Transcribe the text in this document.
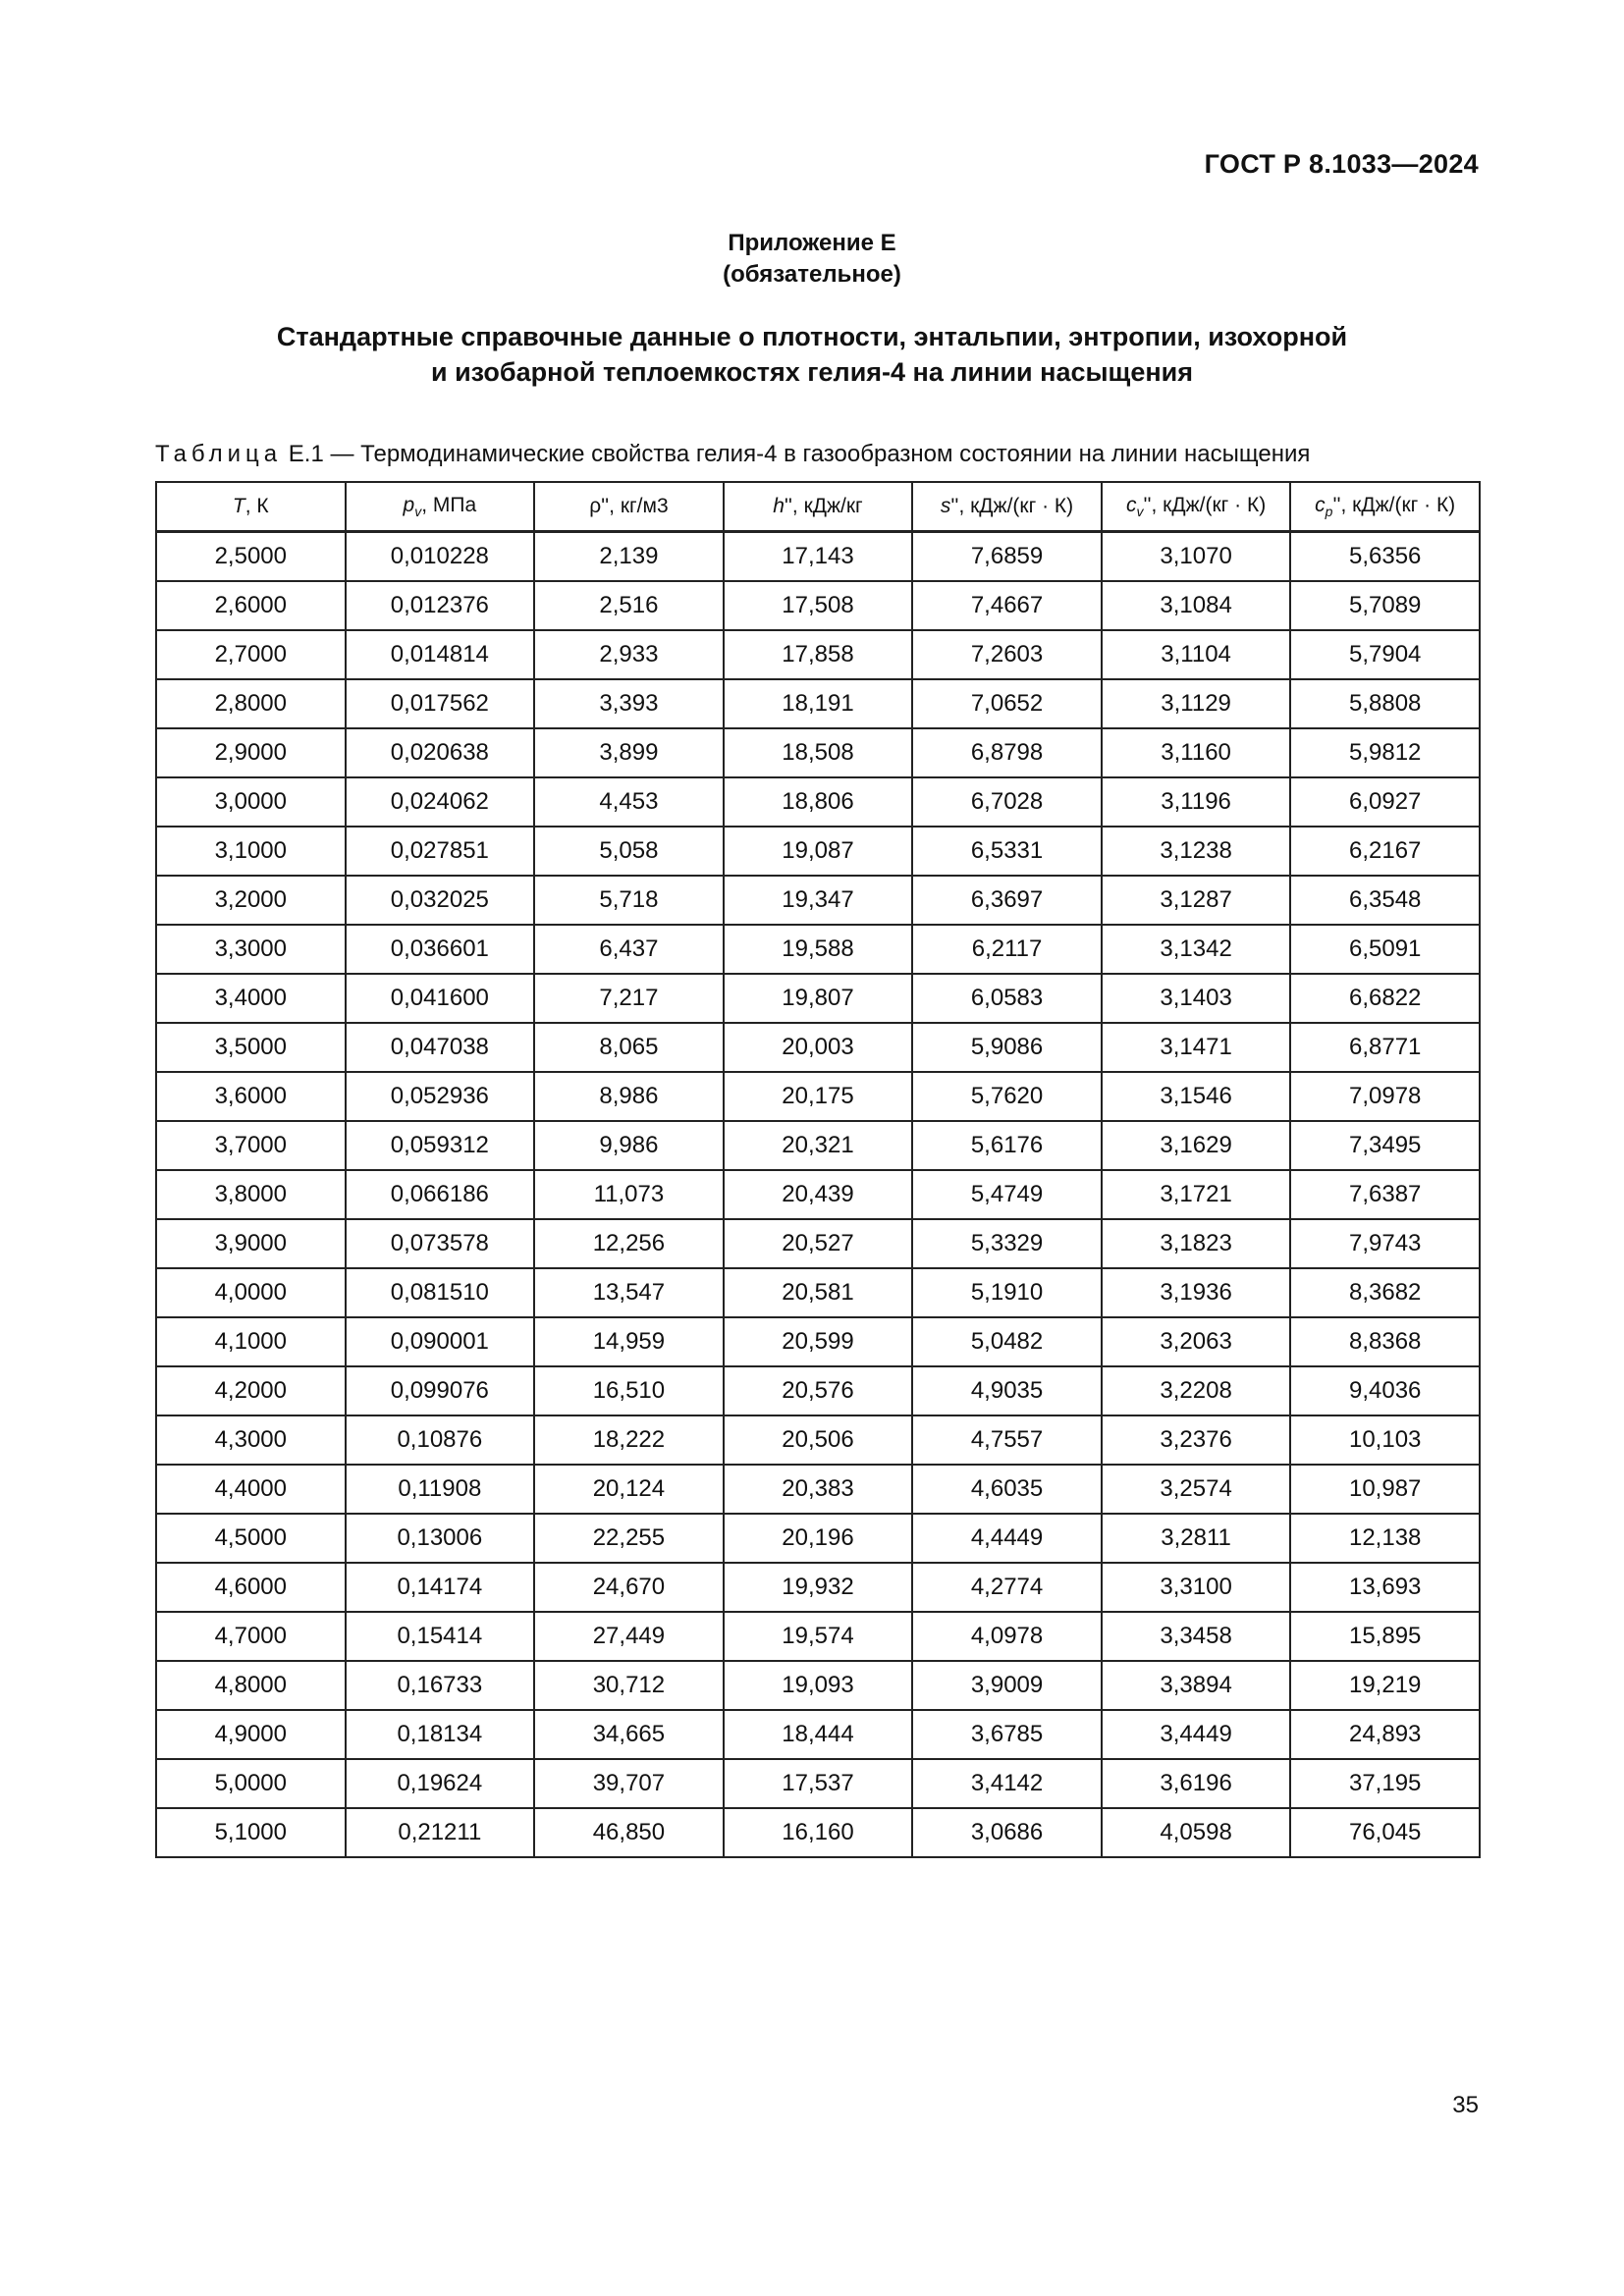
ГОСТ Р 8.1033—2024
Приложение Е
(обязательное)
Стандартные справочные данные о плотности, энтальпии, энтропии, изохорной
и изобарной теплоемкостях гелия-4 на линии насыщения
Таблица Е.1 — Термодинамические свойства гелия-4 в газообразном состоянии на линии насыщения
T, К	$p_v$, МПа	ρ'', кг/м3	h'', кДж/кг	s'', кДж/(кг · К)	$c_v''$, кДж/(кг · К)	$c_p''$, кДж/(кг · К)
2,5000	0,010228	2,139	17,143	7,6859	3,1070	5,6356
2,6000	0,012376	2,516	17,508	7,4667	3,1084	5,7089
2,7000	0,014814	2,933	17,858	7,2603	3,1104	5,7904
2,8000	0,017562	3,393	18,191	7,0652	3,1129	5,8808
2,9000	0,020638	3,899	18,508	6,8798	3,1160	5,9812
3,0000	0,024062	4,453	18,806	6,7028	3,1196	6,0927
3,1000	0,027851	5,058	19,087	6,5331	3,1238	6,2167
3,2000	0,032025	5,718	19,347	6,3697	3,1287	6,3548
3,3000	0,036601	6,437	19,588	6,2117	3,1342	6,5091
3,4000	0,041600	7,217	19,807	6,0583	3,1403	6,6822
3,5000	0,047038	8,065	20,003	5,9086	3,1471	6,8771
3,6000	0,052936	8,986	20,175	5,7620	3,1546	7,0978
3,7000	0,059312	9,986	20,321	5,6176	3,1629	7,3495
3,8000	0,066186	11,073	20,439	5,4749	3,1721	7,6387
3,9000	0,073578	12,256	20,527	5,3329	3,1823	7,9743
4,0000	0,081510	13,547	20,581	5,1910	3,1936	8,3682
4,1000	0,090001	14,959	20,599	5,0482	3,2063	8,8368
4,2000	0,099076	16,510	20,576	4,9035	3,2208	9,4036
4,3000	0,10876	18,222	20,506	4,7557	3,2376	10,103
4,4000	0,11908	20,124	20,383	4,6035	3,2574	10,987
4,5000	0,13006	22,255	20,196	4,4449	3,2811	12,138
4,6000	0,14174	24,670	19,932	4,2774	3,3100	13,693
4,7000	0,15414	27,449	19,574	4,0978	3,3458	15,895
4,8000	0,16733	30,712	19,093	3,9009	3,3894	19,219
4,9000	0,18134	34,665	18,444	3,6785	3,4449	24,893
5,0000	0,19624	39,707	17,537	3,4142	3,6196	37,195
5,1000	0,21211	46,850	16,160	3,0686	4,0598	76,045
35
